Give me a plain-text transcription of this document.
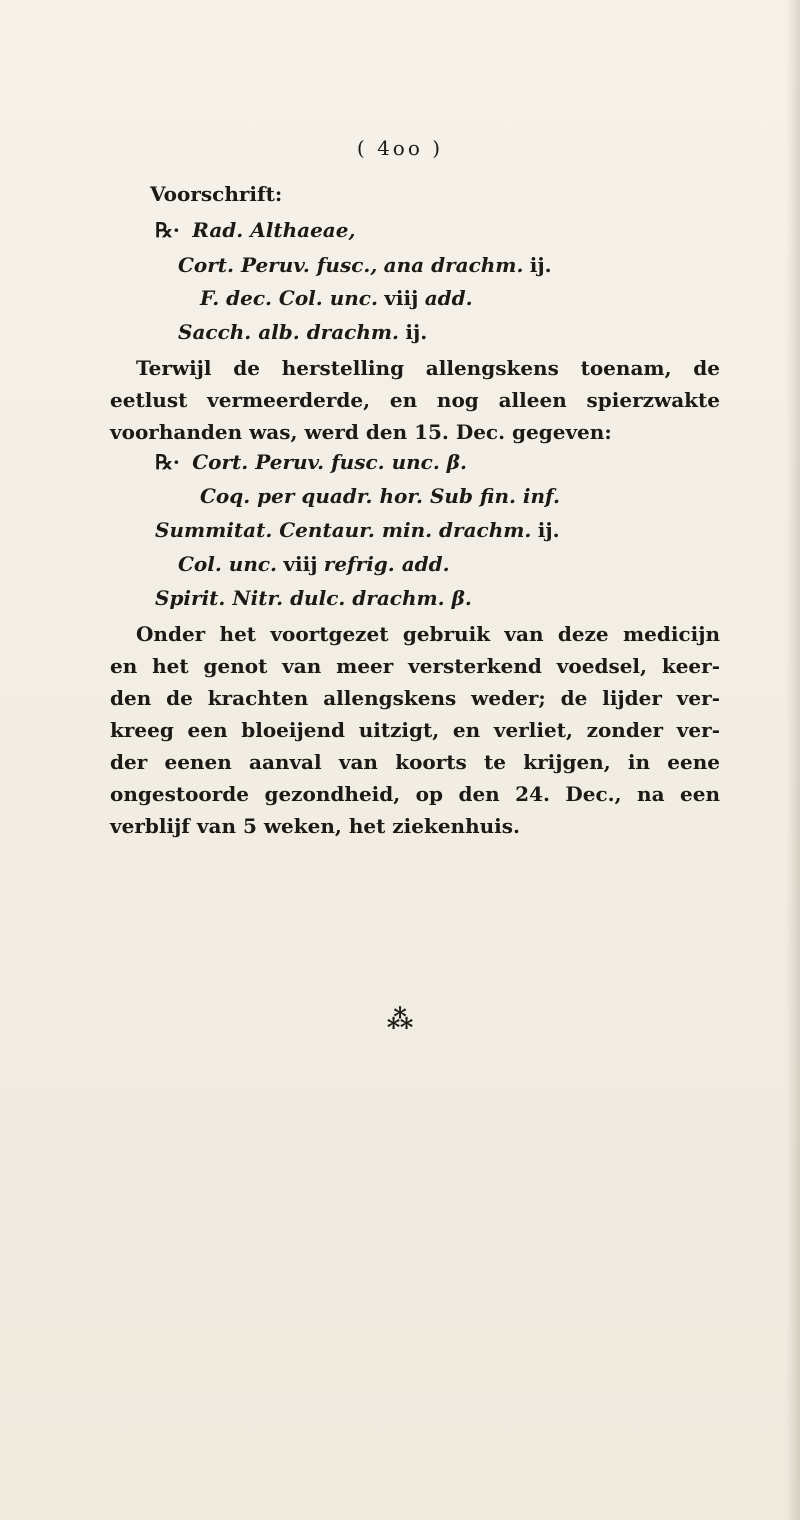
( 4oo )
Voorschrift:
℞· Rad. Althaeae,
Cort. Peruv. fusc., ana drachm. ij.
F. dec. Col. unc. viij add.
Sacch. alb. drachm. ij.
Terwijl de herstelling allengskens toenam, de
eetlust vermeerderde, en nog alleen spierzwakte
voorhanden was, werd den 15. Dec. gegeven:
℞· Cort. Peruv. fusc. unc. β.
Coq. per quadr. hor. Sub fin. inf.
Summitat. Centaur. min. drachm. ij.
Col. unc. viij refrig. add.
Spirit. Nitr. dulc. drachm. β.
Onder het voortgezet gebruik van deze medicijn
en het genot van meer versterkend voedsel, keer-
den de krachten allengskens weder; de lijder ver-
kreeg een bloeijend uitzigt, en verliet, zonder ver-
der eenen aanval van koorts te krijgen, in eene
ongestoorde gezondheid, op den 24. Dec., na een
verblijf van 5 weken, het ziekenhuis.
⁂
